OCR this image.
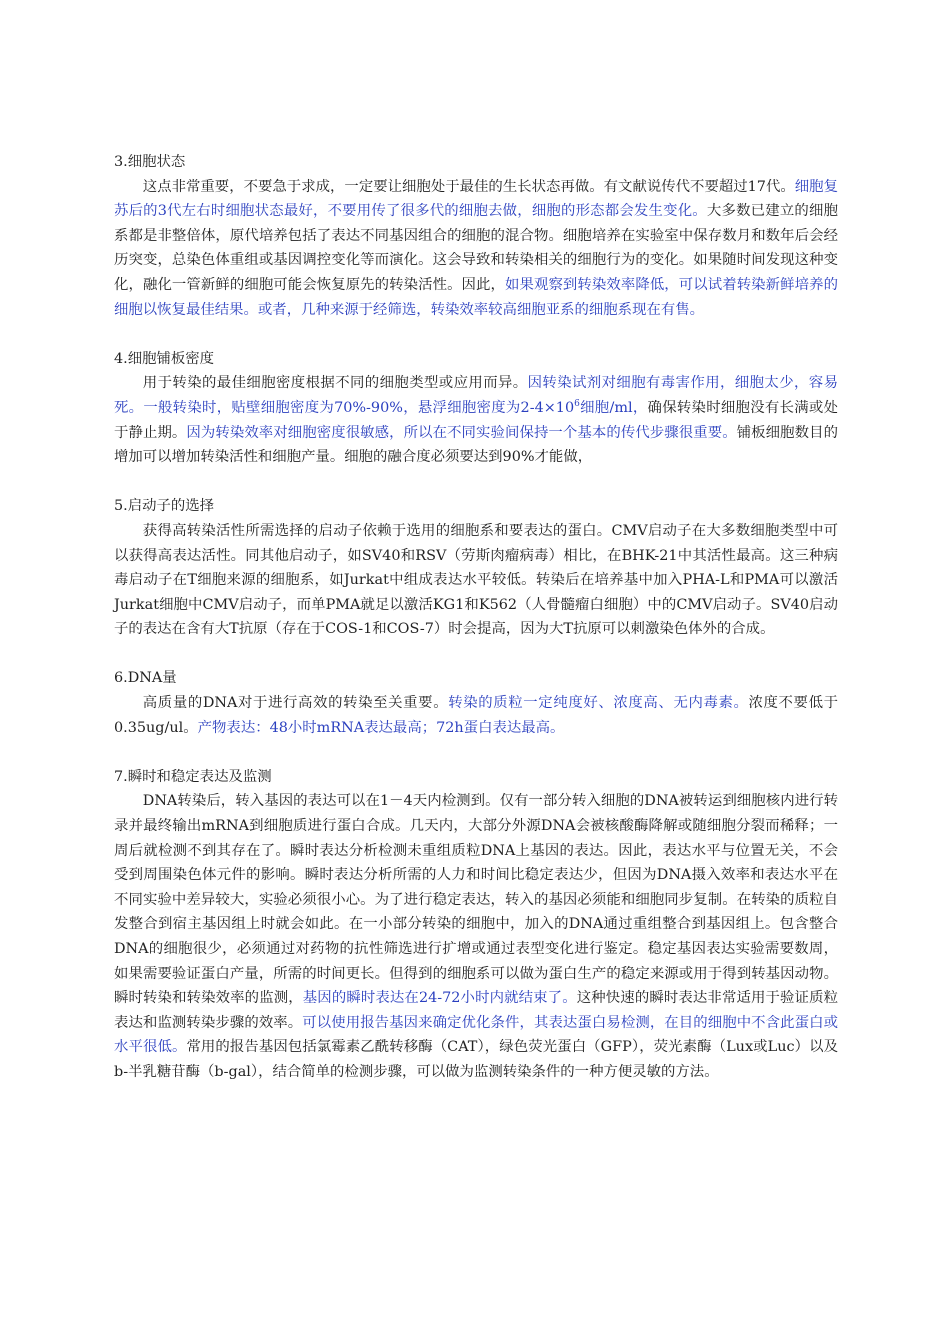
3.细胞状态

这点非常重要，不要急于求成，一定要让细胞处于最佳的生长状态再做。有文献说传代不要超过17代。细胞复苏后的3代左右时细胞状态最好，不要用传了很多代的细胞去做，细胞的形态都会发生变化。大多数已建立的细胞系都是非整倍体，原代培养包括了表达不同基因组合的细胞的混合物。细胞培养在实验室中保存数月和数年后会经历突变，总染色体重组或基因调控变化等而演化。这会导致和转染相关的细胞行为的变化。如果随时间发现这种变化，融化一管新鲜的细胞可能会恢复原先的转染活性。因此，如果观察到转染效率降低，可以试着转染新鲜培养的细胞以恢复最佳结果。或者，几种来源于经筛选，转染效率较高细胞亚系的细胞系现在有售。

4.细胞铺板密度

用于转染的最佳细胞密度根据不同的细胞类型或应用而异。因转染试剂对细胞有毒害作用，细胞太少，容易死。一般转染时，贴壁细胞密度为70%-90%，悬浮细胞密度为$2-4\times 10^6$细胞/ml，确保转染时细胞没有长满或处于静止期。因为转染效率对细胞密度很敏感，所以在不同实验间保持一个基本的传代步骤很重要。铺板细胞数目的增加可以增加转染活性和细胞产量。细胞的融合度必须要达到90%才能做，

5.启动子的选择

获得高转染活性所需选择的启动子依赖于选用的细胞系和要表达的蛋白。CMV启动子在大多数细胞类型中可以获得高表达活性。同其他启动子，如SV40和RSV（劳斯肉瘤病毒）相比，在BHK-21中其活性最高。这三种病毒启动子在T细胞来源的细胞系，如Jurkat中组成表达水平较低。转染后在培养基中加入PHA-L和PMA可以激活Jurkat细胞中CMV启动子，而单PMA就足以激活KG1和K562（人骨髓瘤白细胞）中的CMV启动子。SV40启动子的表达在含有大T抗原（存在于COS-1和COS-7）时会提高，因为大T抗原可以刺激染色体外的合成。

6.DNA量

高质量的DNA对于进行高效的转染至关重要。转染的质粒一定纯度好、浓度高、无内毒素。浓度不要低于0.35ug/ul。产物表达：48小时mRNA表达最高；72h蛋白表达最高。

7.瞬时和稳定表达及监测

DNA转染后，转入基因的表达可以在1－4天内检测到。仅有一部分转入细胞的DNA被转运到细胞核内进行转录并最终输出mRNA到细胞质进行蛋白合成。几天内，大部分外源DNA会被核酸酶降解或随细胞分裂而稀释；一周后就检测不到其存在了。瞬时表达分析检测未重组质粒DNA上基因的表达。因此，表达水平与位置无关，不会受到周围染色体元件的影响。瞬时表达分析所需的人力和时间比稳定表达少，但因为DNA摄入效率和表达水平在不同实验中差异较大，实验必须很小心。为了进行稳定表达，转入的基因必须能和细胞同步复制。在转染的质粒自发整合到宿主基因组上时就会如此。在一小部分转染的细胞中，加入的DNA通过重组整合到基因组上。包含整合DNA的细胞很少，必须通过对药物的抗性筛选进行扩增或通过表型变化进行鉴定。稳定基因表达实验需要数周，如果需要验证蛋白产量，所需的时间更长。但得到的细胞系可以做为蛋白生产的稳定来源或用于得到转基因动物。瞬时转染和转染效率的监测，基因的瞬时表达在24-72小时内就结束了。这种快速的瞬时表达非常适用于验证质粒表达和监测转染步骤的效率。可以使用报告基因来确定优化条件，其表达蛋白易检测，在目的细胞中不含此蛋白或水平很低。常用的报告基因包括氯霉素乙酰转移酶（CAT），绿色荧光蛋白（GFP），荧光素酶（Lux或Luc）以及b-半乳糖苷酶（b-gal），结合简单的检测步骤，可以做为监测转染条件的一种方便灵敏的方法。
